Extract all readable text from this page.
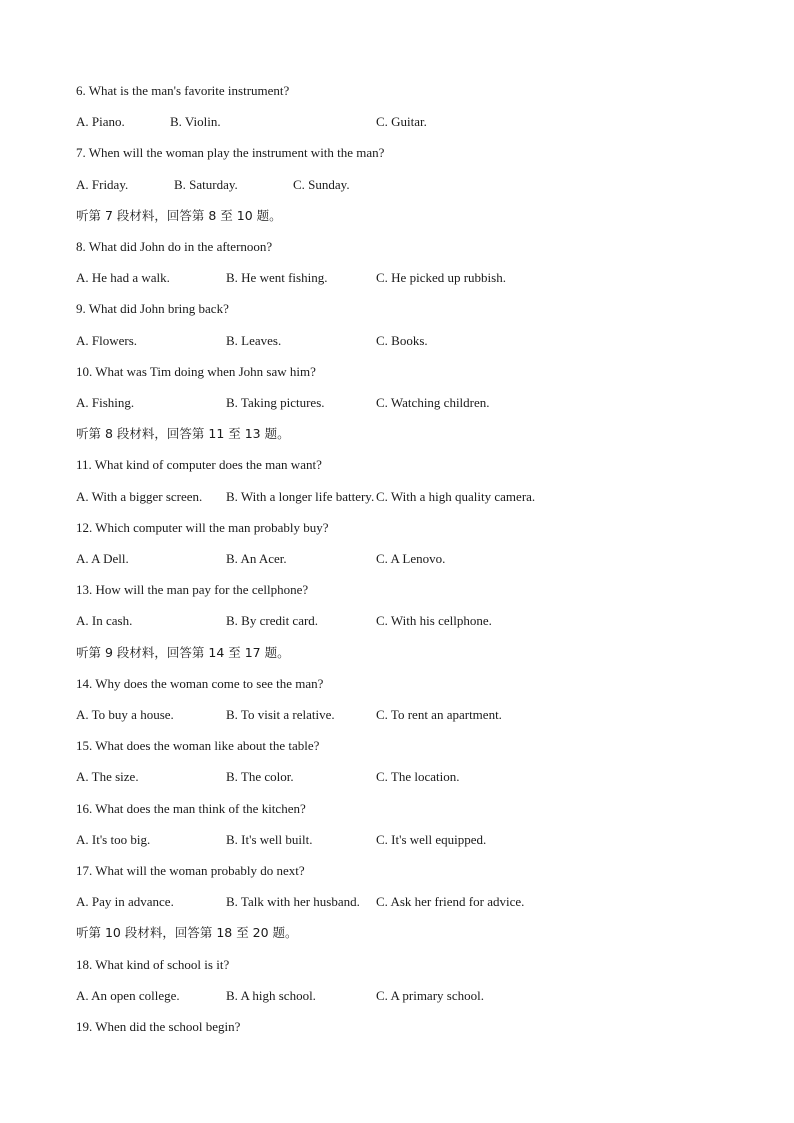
6. What is the man's favorite instrument?
A. Piano.	B. Violin.	C. Guitar.
7. When will the woman play the instrument with the man?
A. Friday.	B. Saturday.	C. Sunday.
听第 7 段材料，回答第 8 至 10 题。
8. What did John do in the afternoon?
A. He had a walk.	B. He went fishing.	C. He picked up rubbish.
9. What did John bring back?
A. Flowers.	B. Leaves.	C. Books.
10. What was Tim doing when John saw him?
A. Fishing.	B. Taking pictures.	C. Watching children.
听第 8 段材料，回答第 11 至 13 题。
11. What kind of computer does the man want?
A. With a bigger screen. B. With a longer life battery. C. With a high quality camera.
12. Which computer will the man probably buy?
A. A Dell.	B. An Acer.	C. A Lenovo.
13. How will the man pay for the cellphone?
A. In cash.	B. By credit card.	C. With his cellphone.
听第 9 段材料，回答第 14 至 17 题。
14. Why does the woman come to see the man?
A. To buy a house.	B. To visit a relative.	C. To rent an apartment.
15. What does the woman like about the table?
A. The size.	B. The color.	C. The location.
16. What does the man think of the kitchen?
A. It's too big.	B. It's well built.	C. It's well equipped.
17. What will the woman probably do next?
A. Pay in advance.	B. Talk with her husband. C. Ask her friend for advice.
听第 10 段材料，回答第 18 至 20 题。
18. What kind of school is it?
A. An open college.	B. A high school.	C. A primary school.
19. When did the school begin?
